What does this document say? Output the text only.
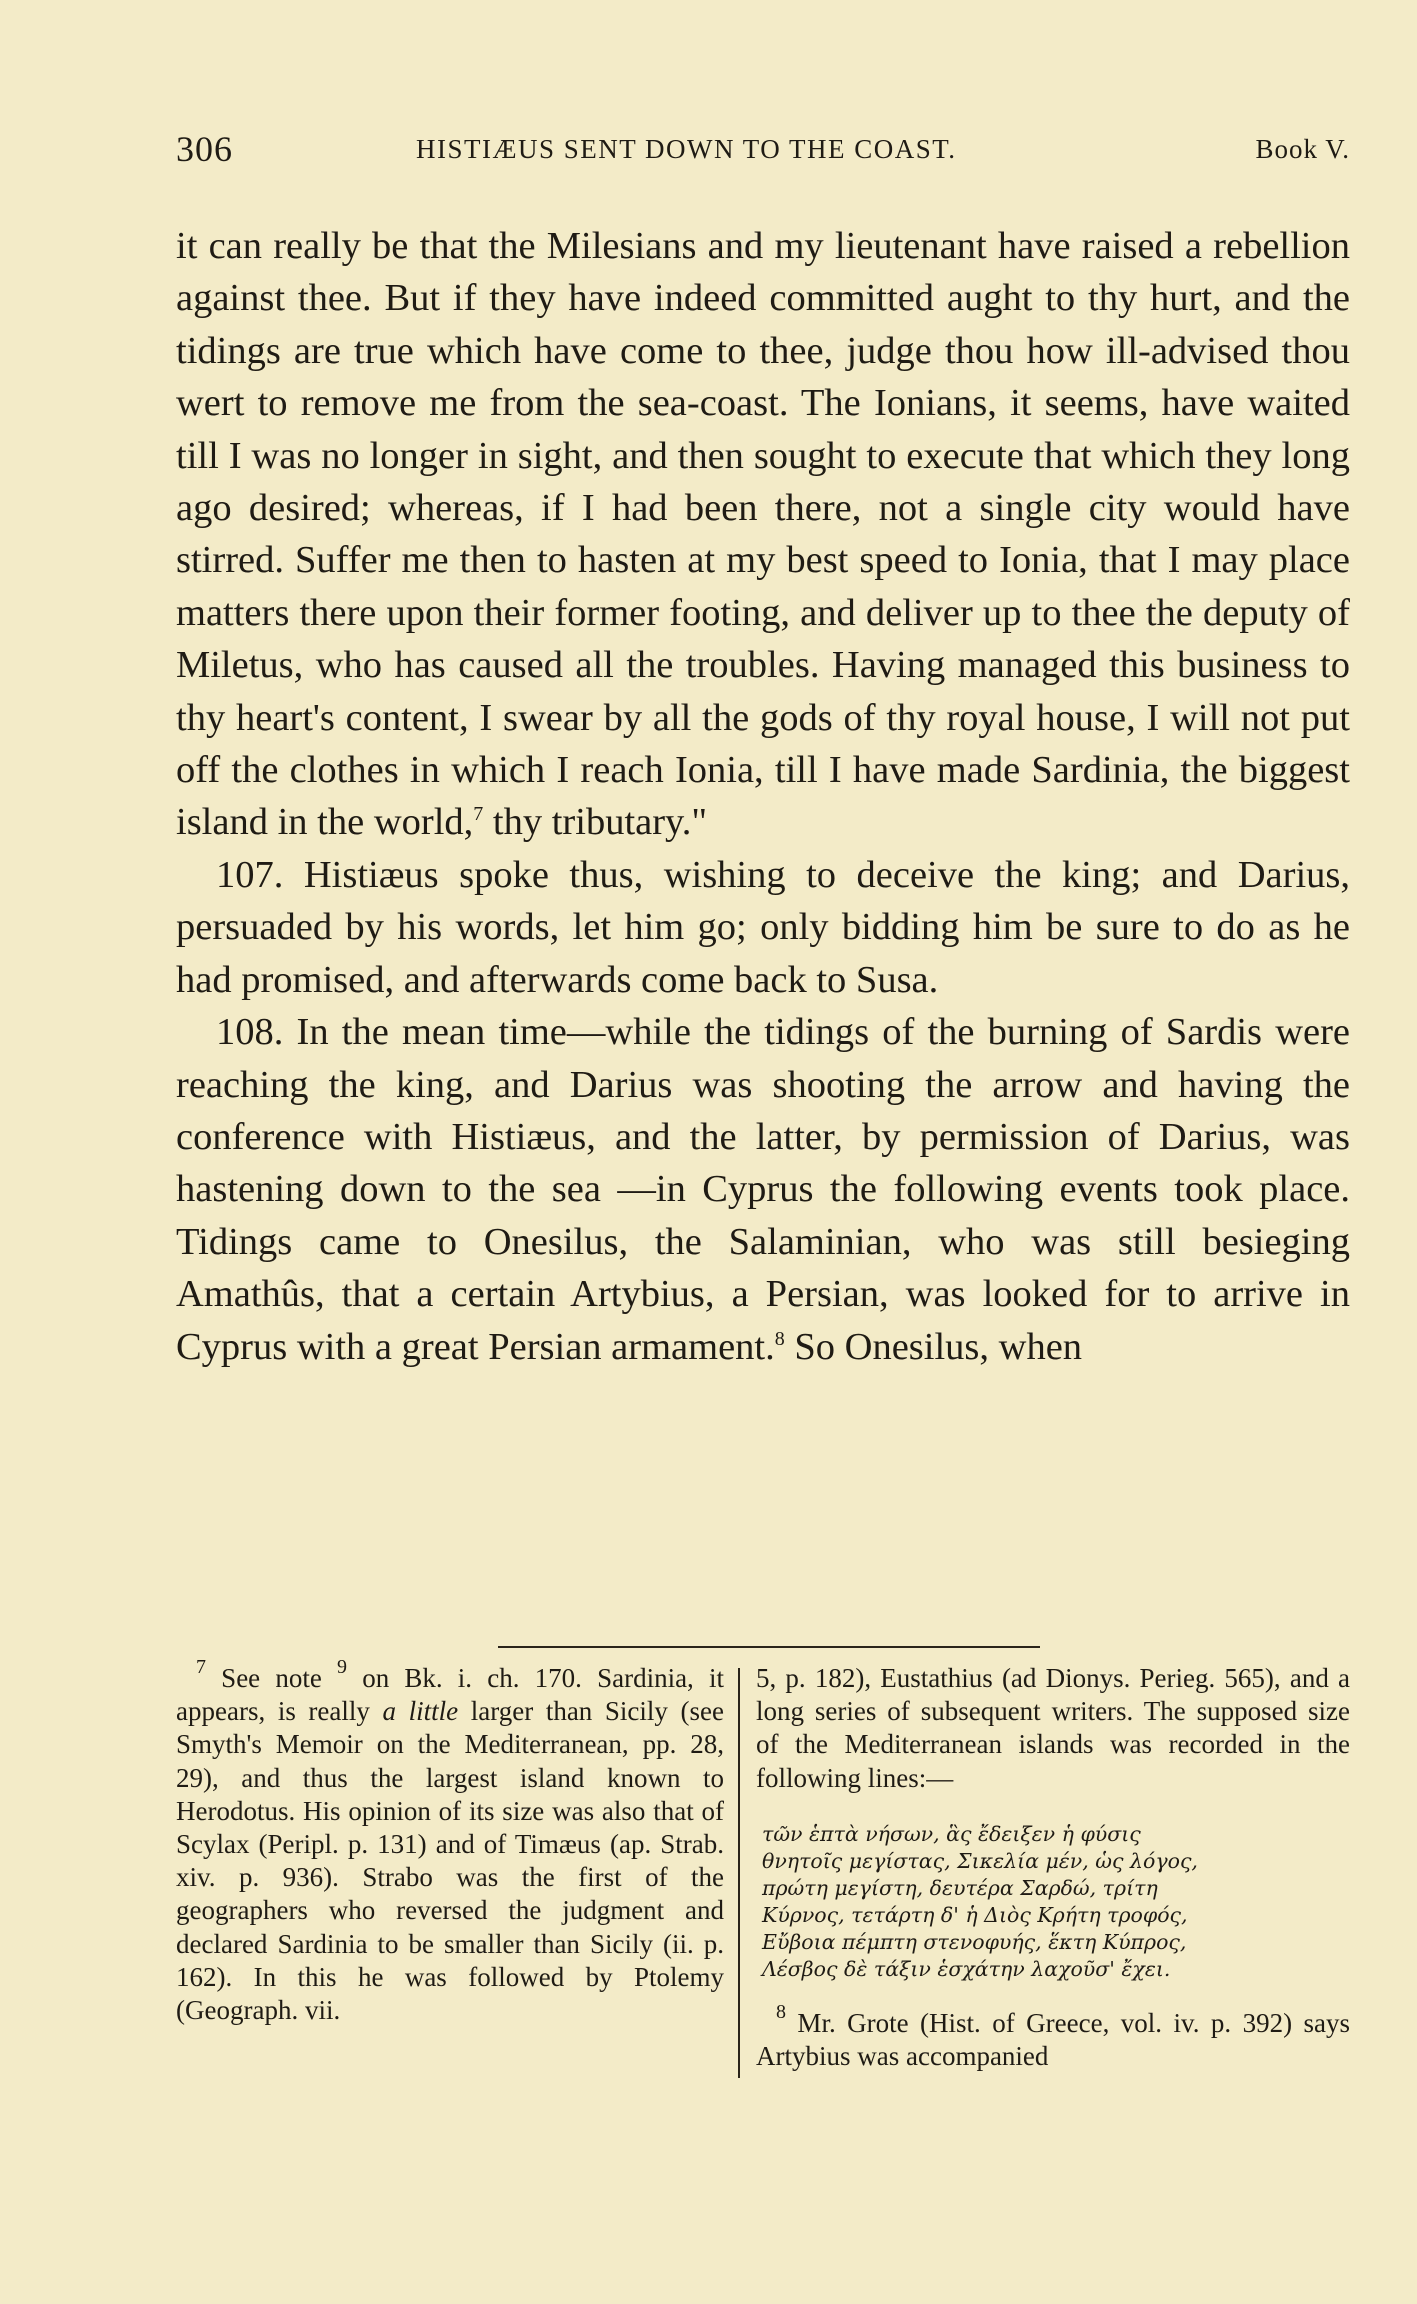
306	HISTIÆUS SENT DOWN TO THE COAST.	Book V.

it can really be that the Milesians and my lieutenant have raised a rebellion against thee. But if they have indeed committed aught to thy hurt, and the tidings are true which have come to thee, judge thou how ill-advised thou wert to remove me from the sea-coast. The Ionians, it seems, have waited till I was no longer in sight, and then sought to execute that which they long ago desired; whereas, if I had been there, not a single city would have stirred. Suffer me then to hasten at my best speed to Ionia, that I may place matters there upon their former footing, and deliver up to thee the deputy of Miletus, who has caused all the troubles. Having managed this business to thy heart's content, I swear by all the gods of thy royal house, I will not put off the clothes in which I reach Ionia, till I have made Sardinia, the biggest island in the world,$^7$ thy tributary."

107. Histiæus spoke thus, wishing to deceive the king; and Darius, persuaded by his words, let him go; only bidding him be sure to do as he had promised, and afterwards come back to Susa.

108. In the mean time—while the tidings of the burning of Sardis were reaching the king, and Darius was shooting the arrow and having the conference with Histiæus, and the latter, by permission of Darius, was hastening down to the sea —in Cyprus the following events took place. Tidings came to Onesilus, the Salaminian, who was still besieging Amathûs, that a certain Artybius, a Persian, was looked for to arrive in Cyprus with a great Persian armament.$^8$ So Onesilus, when

$^7$ See note $^9$ on Bk. i. ch. 170. Sardinia, it appears, is really a little larger than Sicily (see Smyth's Memoir on the Mediterranean, pp. 28, 29), and thus the largest island known to Herodotus. His opinion of its size was also that of Scylax (Peripl. p. 131) and of Timæus (ap. Strab. xiv. p. 936). Strabo was the first of the geographers who reversed the judgment and declared Sardinia to be smaller than Sicily (ii. p. 162). In this he was followed by Ptolemy (Geograph. vii.

5, p. 182), Eustathius (ad Dionys. Perieg. 565), and a long series of subsequent writers. The supposed size of the Mediterranean islands was recorded in the following lines:—

τῶν ἑπτὰ νήσων, ἃς ἔδειξεν ἡ φύσις
θνητοῖς μεγίστας, Σικελία μέν, ὡς λόγος,
πρώτη μεγίστη, δευτέρα Σαρδώ, τρίτη
Κύρνος, τετάρτη δ' ἡ Διὸς Κρήτη τροφός,
Εὔβοια πέμπτη στενοφυής, ἕκτη Κύπρος,
Λέσβος δὲ τάξιν ἑσχάτην λαχοῦσ' ἔχει.

$^8$ Mr. Grote (Hist. of Greece, vol. iv. p. 392) says Artybius was accompanied
